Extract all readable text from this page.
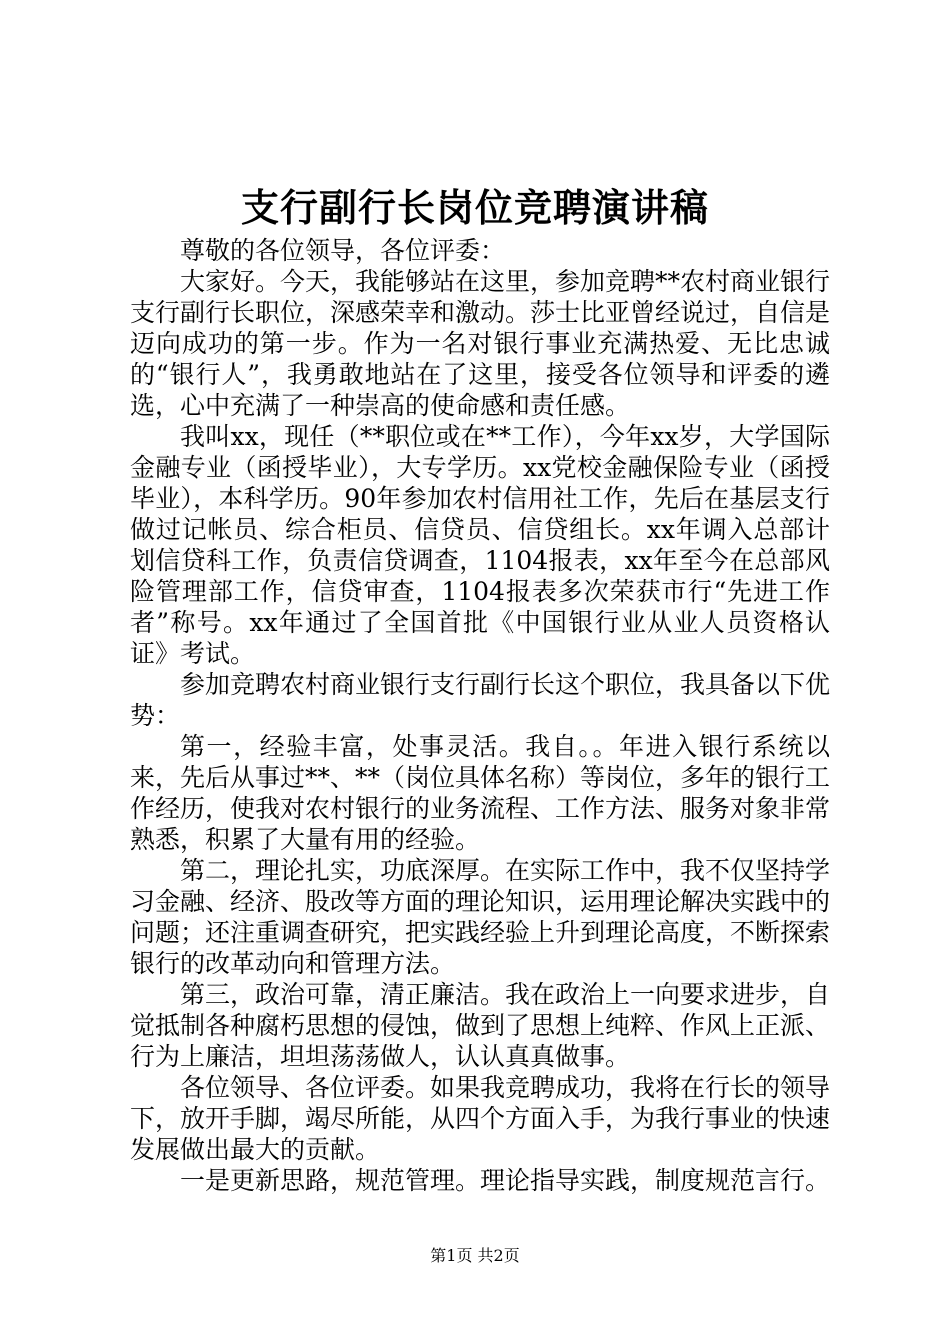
支行副行长岗位竞聘演讲稿

尊敬的各位领导，各位评委：

大家好。今天，我能够站在这里，参加竞聘**农村商业银行支行副行长职位，深感荣幸和激动。莎士比亚曾经说过，自信是迈向成功的第一步。作为一名对银行事业充满热爱、无比忠诚的“银行人”，我勇敢地站在了这里，接受各位领导和评委的遴选，心中充满了一种崇高的使命感和责任感。

我叫xx，现任（**职位或在**工作），今年xx岁，大学国际金融专业（函授毕业），大专学历。xx党校金融保险专业（函授毕业），本科学历。90年参加农村信用社工作，先后在基层支行做过记帐员、综合柜员、信贷员、信贷组长。xx年调入总部计划信贷科工作，负责信贷调查，1104报表，xx年至今在总部风险管理部工作，信贷审查，1104报表多次荣获市行“先进工作者”称号。xx年通过了全国首批《中国银行业从业人员资格认证》考试。

参加竞聘农村商业银行支行副行长这个职位，我具备以下优势：

第一，经验丰富，处事灵活。我自。。年进入银行系统以来，先后从事过**、**（岗位具体名称）等岗位，多年的银行工作经历，使我对农村银行的业务流程、工作方法、服务对象非常熟悉，积累了大量有用的经验。

第二，理论扎实，功底深厚。在实际工作中，我不仅坚持学习金融、经济、股改等方面的理论知识，运用理论解决实践中的问题；还注重调查研究，把实践经验上升到理论高度，不断探索银行的改革动向和管理方法。

第三，政治可靠，清正廉洁。我在政治上一向要求进步，自觉抵制各种腐朽思想的侵蚀，做到了思想上纯粹、作风上正派、行为上廉洁，坦坦荡荡做人，认认真真做事。

各位领导、各位评委。如果我竞聘成功，我将在行长的领导下，放开手脚，竭尽所能，从四个方面入手，为我行事业的快速发展做出最大的贡献。

一是更新思路，规范管理。理论指导实践，制度规范言行。

第1页 共2页
